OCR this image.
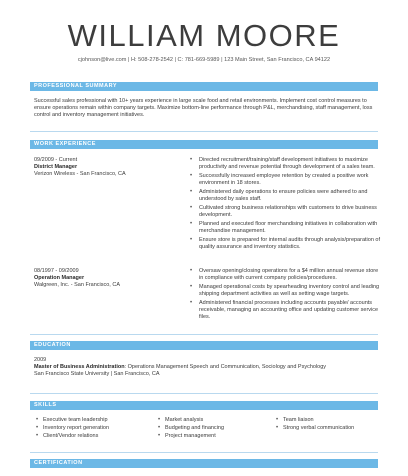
WILLIAM MOORE
cjohnson@live.com | H: 508-278-2542 | C: 781-669-5989 | 123 Main Street, San Francisco, CA 94122
PROFESSIONAL SUMMARY
Successful sales professional with 10+ years experience in large scale food and retail environments. Implement cost control measures to ensure operations remain within company targets. Maximize bottom-line performance through P&L, merchandising, staff management, loss control and inventory management initiatives.
WORK EXPERIENCE
09/2009 - Current
District Manager
Verizon Wireless - San Francisco, CA
• Directed recruitment/training/staff development initiatives to maximize productivity and revenue potential through development of a sales team.
• Successfully increased employee retention by created a positive work environment in 18 stores.
• Administered daily operations to ensure policies were adhered to and understood by sales staff.
• Cultivated strong business relationships with customers to drive business development.
• Planned and executed floor merchandising initiatives in collaboration with merchandise management.
• Ensure store is prepared for internal audits through analysis/preparation of quality assurance and inventory statistics.
08/1997 - 09/2009
Operation Manager
Walgreen, Inc. - San Francisco, CA
• Oversaw opening/closing operations for a $4 million annual revenue store in compliance with current company policies/procedures.
• Managed operational costs by spearheading inventory control and leading shipping department activities as well as setting wage targets.
• Administered financial processes including accounts payable/ accounts receivable, managing an accounting office and updating customer service files.
EDUCATION
2009
Master of Business Administration: Operations Management Speech and Communication, Sociology and Psychology
San Francisco State University | San Francisco, CA
SKILLS
• Executive team leadership
• Inventory report generation
• Client/Vendor relations
• Market analysis
• Budgeting and financing
• Project management
• Team liaison
• Strong verbal communication
CERTIFICATION
